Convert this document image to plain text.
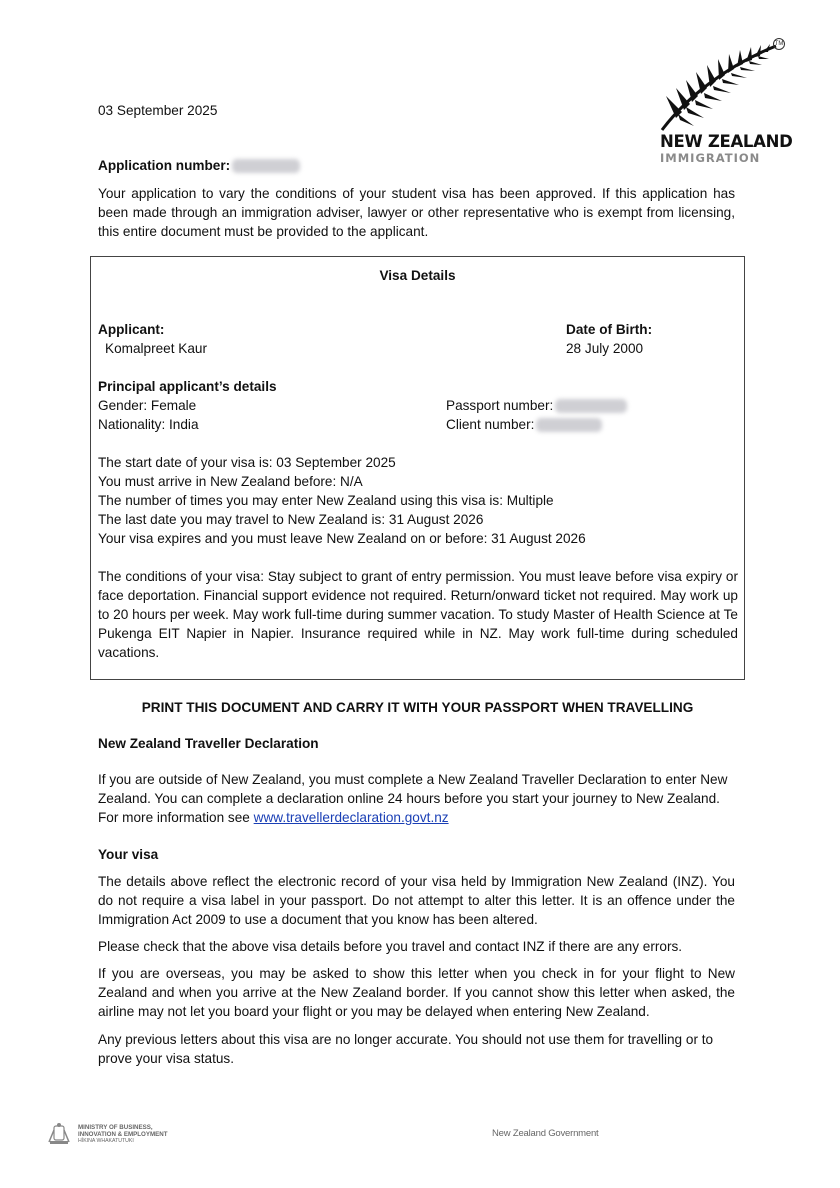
TM
NEW ZEALAND
IMMIGRATION
03 September 2025
Application number:
Your application to vary the conditions of your student visa has been approved. If this application has been made through an immigration adviser, lawyer or other representative who is exempt from licensing, this entire document must be provided to the applicant.
Visa Details
Applicant:
Komalpreet Kaur
Date of Birth:
28 July 2000
Principal applicant’s details
Gender: Female
Nationality: India
Passport number:
Client number:
The start date of your visa is: 03 September 2025
You must arrive in New Zealand before: N/A
The number of times you may enter New Zealand using this visa is: Multiple
The last date you may travel to New Zealand is: 31 August 2026
Your visa expires and you must leave New Zealand on or before: 31 August 2026
The conditions of your visa: Stay subject to grant of entry permission. You must leave before visa expiry or face deportation. Financial support evidence not required. Return/onward ticket not required. May work up to 20 hours per week. May work full-time during summer vacation. To study Master of Health Science at Te Pukenga EIT Napier in Napier. Insurance required while in NZ. May work full-time during scheduled vacations.
PRINT THIS DOCUMENT AND CARRY IT WITH YOUR PASSPORT WHEN TRAVELLING
New Zealand Traveller Declaration
If you are outside of New Zealand, you must complete a New Zealand Traveller Declaration to enter New Zealand. You can complete a declaration online 24 hours before you start your journey to New Zealand. For more information see www.travellerdeclaration.govt.nz
Your visa
The details above reflect the electronic record of your visa held by Immigration New Zealand (INZ). You do not require a visa label in your passport. Do not attempt to alter this letter. It is an offence under the Immigration Act 2009 to use a document that you know has been altered.
Please check that the above visa details before you travel and contact INZ if there are any errors.
If you are overseas, you may be asked to show this letter when you check in for your flight to New Zealand and when you arrive at the New Zealand border. If you cannot show this letter when asked, the airline may not let you board your flight or you may be delayed when entering New Zealand.
Any previous letters about this visa are no longer accurate. You should not use them for travelling or to prove your visa status.
MINISTRY OF BUSINESS,
INNOVATION & EMPLOYMENT
HĪKINA WHAKATUTUKI
New Zealand Government
